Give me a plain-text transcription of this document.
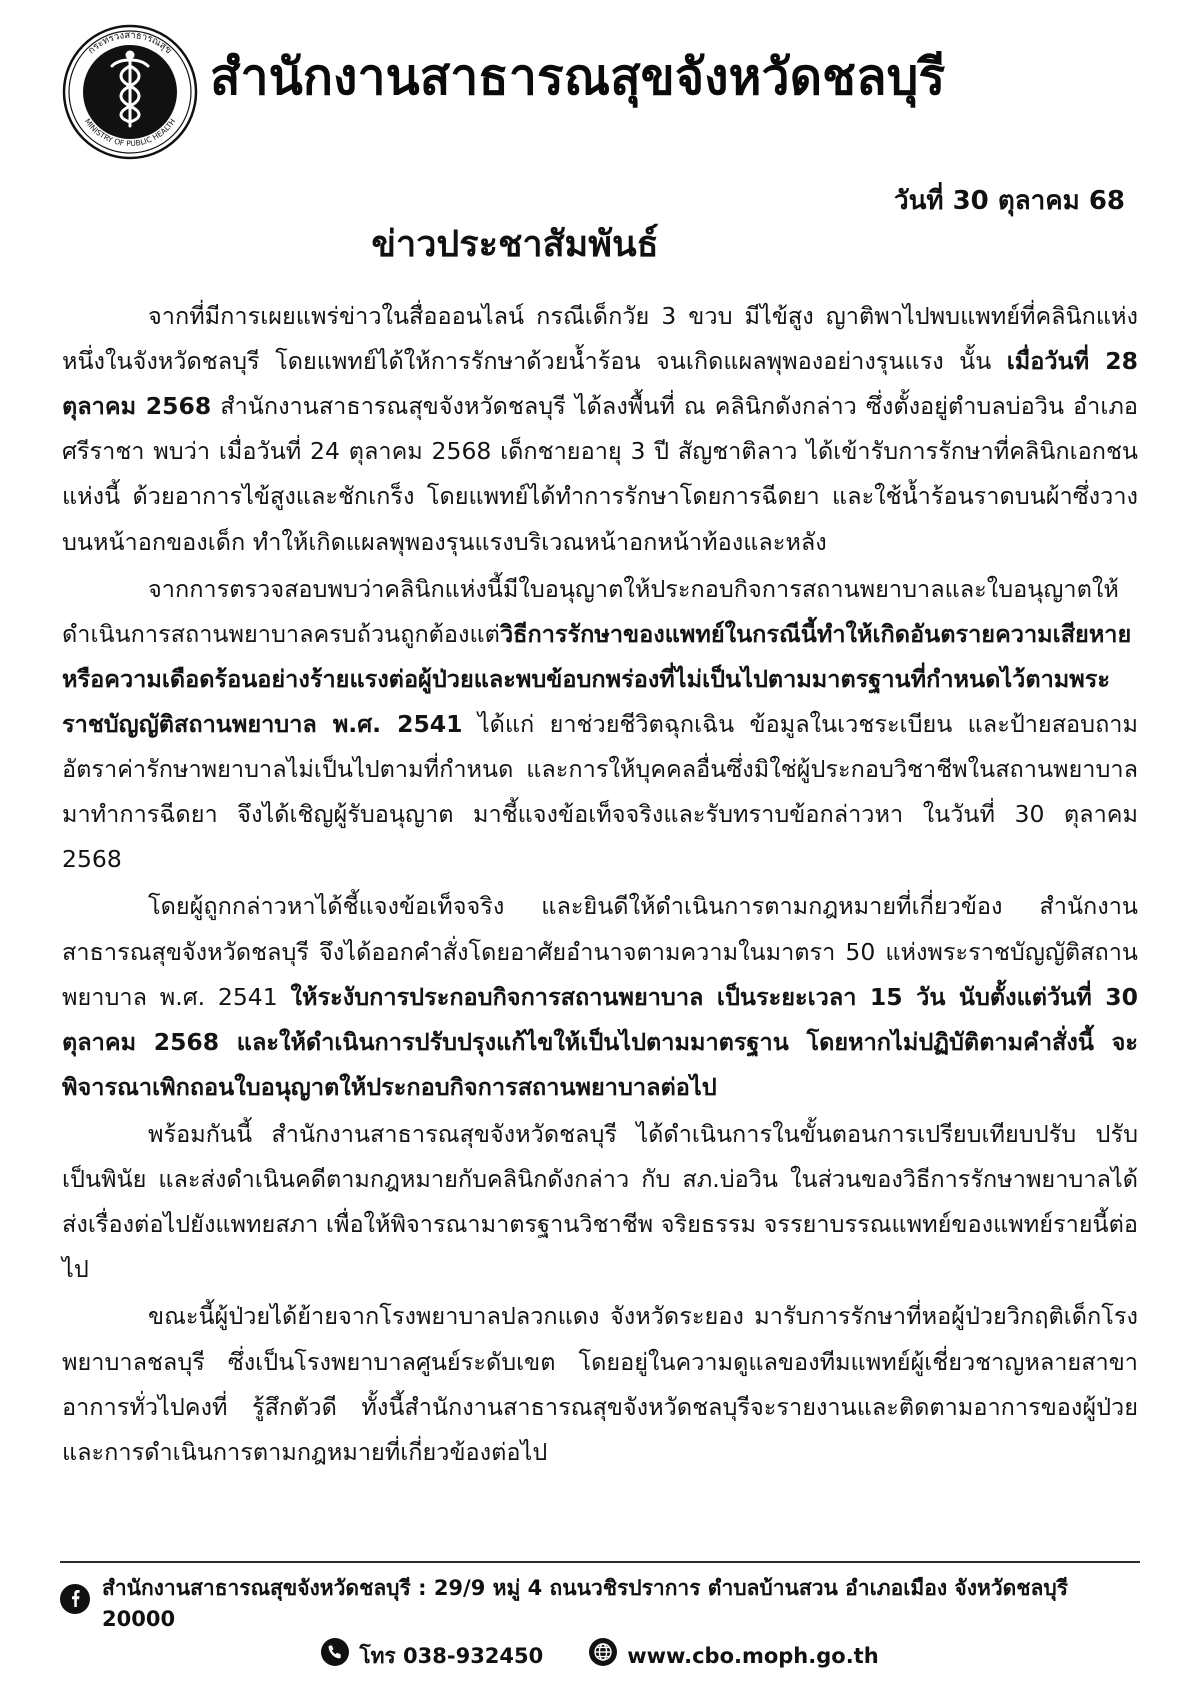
กระทรวงสาธารณสุข
MINISTRY OF PUBLIC HEALTH
สำนักงานสาธารณสุขจังหวัดชลบุรี
วันที่ 30 ตุลาคม 68
ข่าวประชาสัมพันธ์

จากที่มีการเผยแพร่ข่าวในสื่อออนไลน์ กรณีเด็กวัย 3 ขวบ มีไข้สูง ญาติพาไปพบแพทย์ที่คลินิกแห่งหนึ่งในจังหวัดชลบุรี โดยแพทย์ได้ให้การรักษาด้วยน้ำร้อน จนเกิดแผลพุพองอย่างรุนแรง นั้น เมื่อวันที่ 28 ตุลาคม 2568 สำนักงานสาธารณสุขจังหวัดชลบุรี ได้ลงพื้นที่ ณ คลินิกดังกล่าว ซึ่งตั้งอยู่ตำบลบ่อวิน อำเภอศรีราชา พบว่า เมื่อวันที่ 24 ตุลาคม 2568 เด็กชายอายุ 3 ปี สัญชาติลาว ได้เข้ารับการรักษาที่คลินิกเอกชนแห่งนี้ ด้วยอาการไข้สูงและชักเกร็ง โดยแพทย์ได้ทำการรักษาโดยการฉีดยา และใช้น้ำร้อนราดบนผ้าซึ่งวางบนหน้าอกของเด็ก ทำให้เกิดแผลพุพองรุนแรงบริเวณหน้าอกหน้าท้องและหลัง

จากการตรวจสอบพบว่าคลินิกแห่งนี้มีใบอนุญาตให้ประกอบกิจการสถานพยาบาลและใบอนุญาตให้ดำเนินการสถานพยาบาลครบถ้วนถูกต้องแต่วิธีการรักษาของแพทย์ในกรณีนี้ทำให้เกิดอันตรายความเสียหาย หรือความเดือดร้อนอย่างร้ายแรงต่อผู้ป่วยและพบข้อบกพร่องที่ไม่เป็นไปตามมาตรฐานที่กำหนดไว้ตามพระราชบัญญัติสถานพยาบาล พ.ศ. 2541 ได้แก่ ยาช่วยชีวิตฉุกเฉิน ข้อมูลในเวชระเบียน และป้ายสอบถามอัตราค่ารักษาพยาบาลไม่เป็นไปตามที่กำหนด และการให้บุคคลอื่นซึ่งมิใช่ผู้ประกอบวิชาชีพในสถานพยาบาล มาทำการฉีดยา จึงได้เชิญผู้รับอนุญาต มาชี้แจงข้อเท็จจริงและรับทราบข้อกล่าวหา ในวันที่ 30 ตุลาคม 2568

โดยผู้ถูกกล่าวหาได้ชี้แจงข้อเท็จจริง และยินดีให้ดำเนินการตามกฎหมายที่เกี่ยวข้อง สำนักงานสาธารณสุขจังหวัดชลบุรี จึงได้ออกคำสั่งโดยอาศัยอำนาจตามความในมาตรา 50 แห่งพระราชบัญญัติสถานพยาบาล พ.ศ. 2541 ให้ระงับการประกอบกิจการสถานพยาบาล เป็นระยะเวลา 15 วัน นับตั้งแต่วันที่ 30 ตุลาคม 2568 และให้ดำเนินการปรับปรุงแก้ไขให้เป็นไปตามมาตรฐาน โดยหากไม่ปฏิบัติตามคำสั่งนี้ จะพิจารณาเพิกถอนใบอนุญาตให้ประกอบกิจการสถานพยาบาลต่อไป

พร้อมกันนี้ สำนักงานสาธารณสุขจังหวัดชลบุรี ได้ดำเนินการในขั้นตอนการเปรียบเทียบปรับ ปรับเป็นพินัย และส่งดำเนินคดีตามกฎหมายกับคลินิกดังกล่าว กับ สภ.บ่อวิน ในส่วนของวิธีการรักษาพยาบาลได้ส่งเรื่องต่อไปยังแพทยสภา เพื่อให้พิจารณามาตรฐานวิชาชีพ จริยธรรม จรรยาบรรณแพทย์ของแพทย์รายนี้ต่อไป

ขณะนี้ผู้ป่วยได้ย้ายจากโรงพยาบาลปลวกแดง จังหวัดระยอง มารับการรักษาที่หอผู้ป่วยวิกฤติเด็กโรงพยาบาลชลบุรี ซึ่งเป็นโรงพยาบาลศูนย์ระดับเขต โดยอยู่ในความดูแลของทีมแพทย์ผู้เชี่ยวชาญหลายสาขา อาการทั่วไปคงที่ รู้สึกตัวดี ทั้งนี้สำนักงานสาธารณสุขจังหวัดชลบุรีจะรายงานและติดตามอาการของผู้ป่วยและการดำเนินการตามกฎหมายที่เกี่ยวข้องต่อไป

สำนักงานสาธารณสุขจังหวัดชลบุรี : 29/9 หมู่ 4 ถนนวชิรปราการ ตำบลบ้านสวน อำเภอเมือง จังหวัดชลบุรี 20000
โทร 038-932450	www.cbo.moph.go.th
